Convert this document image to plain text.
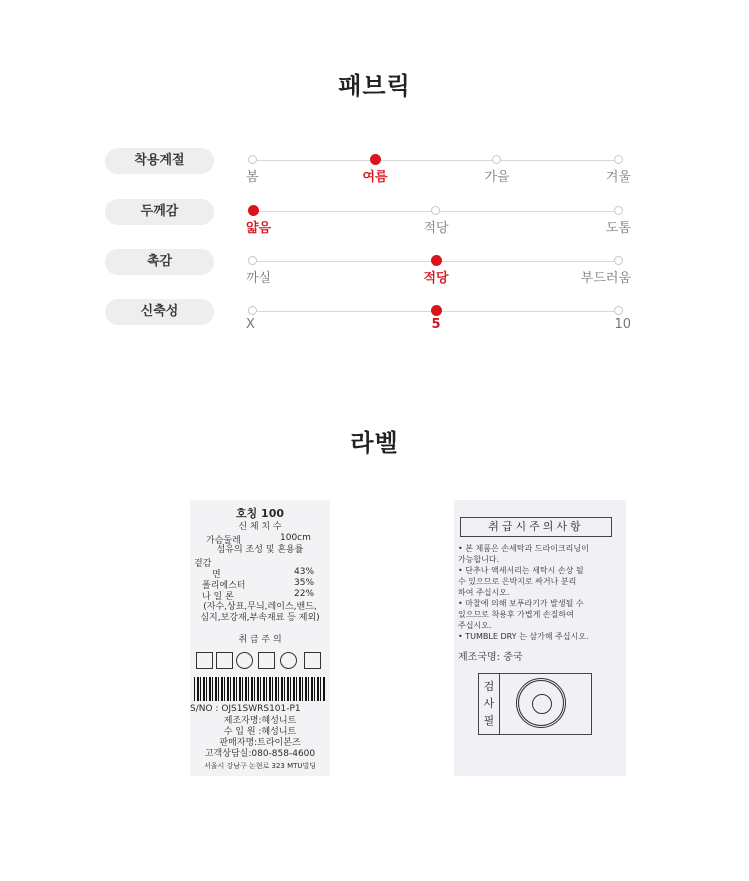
패브릭
착용계절
봄	여름	가을	겨울
두께감
얇음	적당	도톰
촉감
까실	적당	부드러움
신축성
X	5	10
라벨
호칭 100
신 체 치 수
가슴둘레	100cm
섬유의 조성 및 혼용률
겉감
면	43%
폴리에스터	35%
나 일 론	22%
(자수,상표,무늬,레이스,밴드,
심지,보강재,부속재료 등 제외)
취 급 주 의
S/NO : OJS1SWRS101-P1
제조자명:혜성니트
수 입 원 :혜성니트
판매자명:트라이본즈
고객상담실:080-858-4600
서울시 강남구 논현로 323 MTU빌딩
취급시주의사항
• 본 제품은 손세탁과 드라이크리닝이
가능합니다.
• 단추나 액세서리는 세탁시 손상 될
수 있으므로 은박지로 싸거나 분리
하여 주십시오.
• 마찰에 의해 보푸라기가 발생될 수
있으므로 착용후 가볍게 손질하여
주십시오.
• TUMBLE DRY 는 삼가해 주십시오.
제조국명: 중국
검 사 필
